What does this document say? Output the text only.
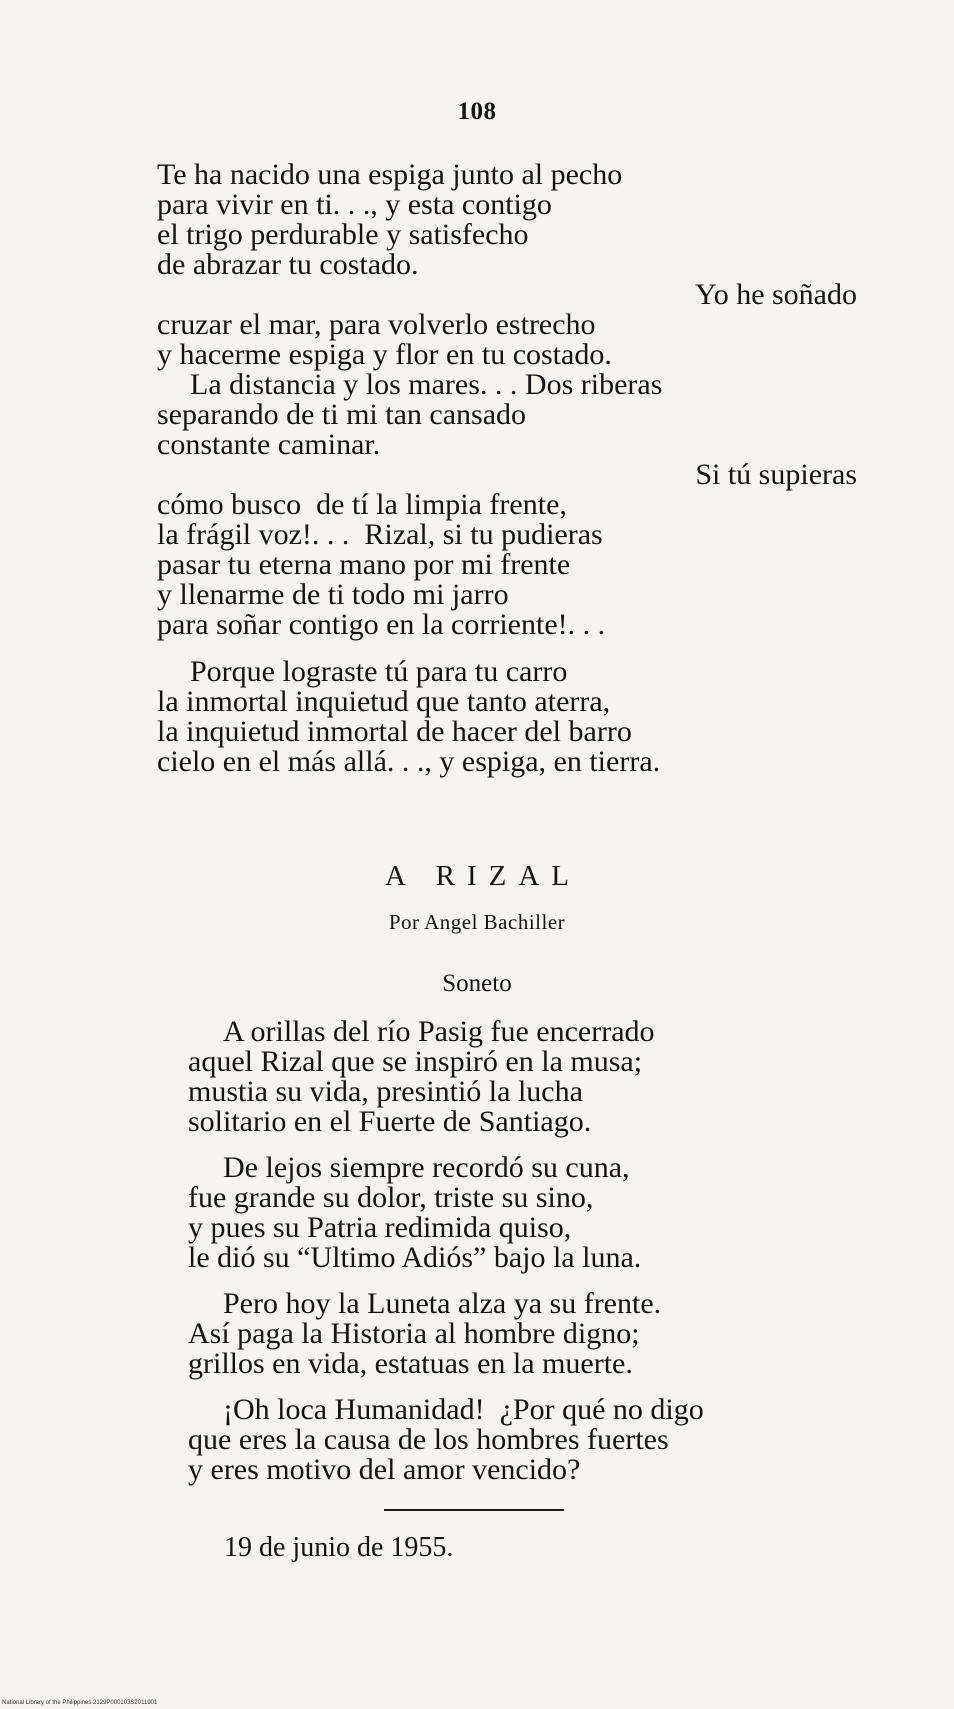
108
Te ha nacido una espiga junto al pecho
para vivir en ti. . ., y esta contigo
el trigo perdurable y satisfecho
de abrazar tu costado.
Yo he soñado
cruzar el mar, para volverlo estrecho
y hacerme espiga y flor en tu costado.
La distancia y los mares. . . Dos riberas
separando de ti mi tan cansado
constante caminar.
Si tú supieras
cómo busco  de tí la limpia frente,
la frágil voz!. . .  Rizal, si tu pudieras
pasar tu eterna mano por mi frente
y llenarme de ti todo mi jarro
para soñar contigo en la corriente!. . .
Porque lograste tú para tu carro
la inmortal inquietud que tanto aterra,
la inquietud inmortal de hacer del barro
cielo en el más allá. . ., y espiga, en tierra.
A RIZAL
Por Angel Bachiller
Soneto
A orillas del río Pasig fue encerrado
aquel Rizal que se inspiró en la musa;
mustia su vida, presintió la lucha
solitario en el Fuerte de Santiago.
De lejos siempre recordó su cuna,
fue grande su dolor, triste su sino,
y pues su Patria redimida quiso,
le dió su “Ultimo Adiós” bajo la luna.
Pero hoy la Luneta alza ya su frente.
Así paga la Historia al hombre digno;
grillos en vida, estatuas en la muerte.
¡Oh loca Humanidad!  ¿Por qué no digo
que eres la causa de los hombres fuertes
y eres motivo del amor vencido?
19 de junio de 1955.
National Library of the Philippines 2129P000103S2011901
